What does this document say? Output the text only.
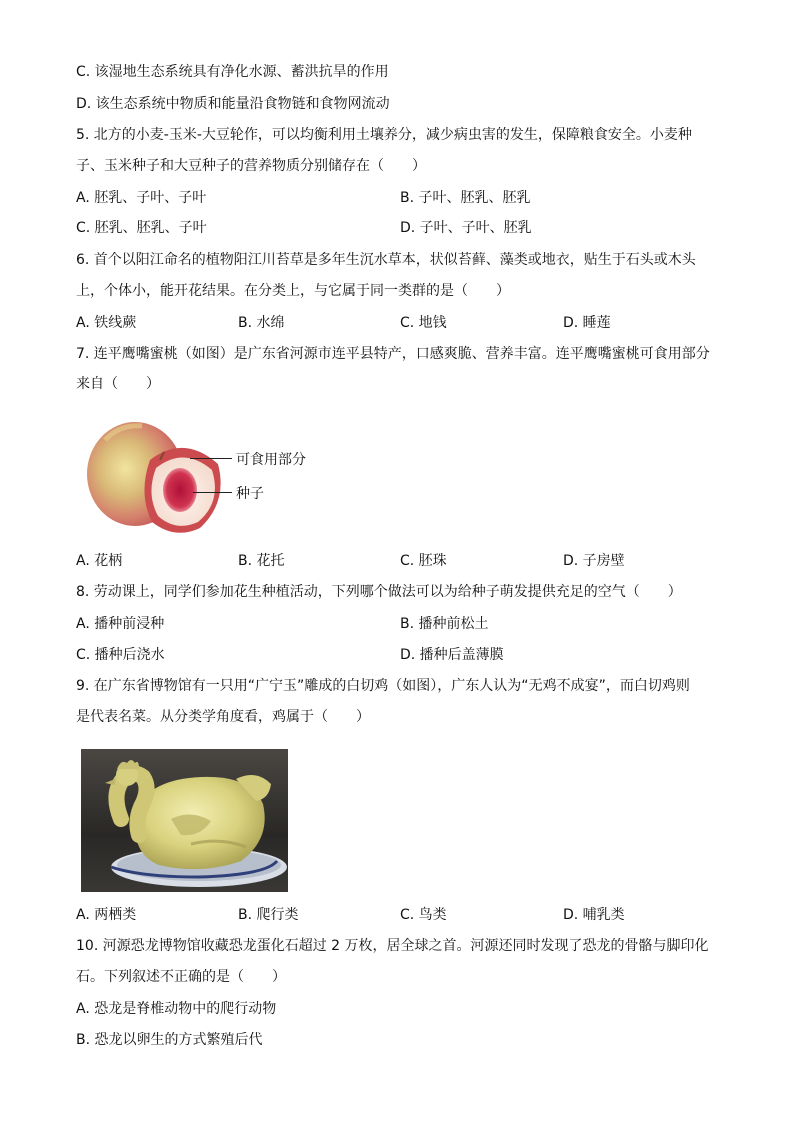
C. 该湿地生态系统具有净化水源、蓄洪抗旱的作用
D. 该生态系统中物质和能量沿食物链和食物网流动
5. 北方的小麦-玉米-大豆轮作，可以均衡利用土壤养分，减少病虫害的发生，保障粮食安全。小麦种
子、玉米种子和大豆种子的营养物质分别储存在（　　）
A. 胚乳、子叶、子叶	B. 子叶、胚乳、胚乳
C. 胚乳、胚乳、子叶	D. 子叶、子叶、胚乳
6. 首个以阳江命名的植物阳江川苔草是多年生沉水草本，状似苔藓、藻类或地衣，贴生于石头或木头
上，个体小，能开花结果。在分类上，与它属于同一类群的是（　　）
A. 铁线蕨	B. 水绵	C. 地钱	D. 睡莲
7. 连平鹰嘴蜜桃（如图）是广东省河源市连平县特产，口感爽脆、营养丰富。连平鹰嘴蜜桃可食用部分
来自（　　）
可食用部分
种子
A. 花柄	B. 花托	C. 胚珠	D. 子房壁
8. 劳动课上，同学们参加花生种植活动，下列哪个做法可以为给种子萌发提供充足的空气（　　）
A. 播种前浸种	B. 播种前松土
C. 播种后浇水	D. 播种后盖薄膜
9. 在广东省博物馆有一只用“广宁玉”雕成的白切鸡（如图），广东人认为“无鸡不成宴”，而白切鸡则
是代表名菜。从分类学角度看，鸡属于（　　）
A. 两栖类	B. 爬行类	C. 鸟类	D. 哺乳类
10. 河源恐龙博物馆收藏恐龙蛋化石超过 2 万枚，居全球之首。河源还同时发现了恐龙的骨骼与脚印化
石。下列叙述不正确的是（　　）
A. 恐龙是脊椎动物中的爬行动物
B. 恐龙以卵生的方式繁殖后代
